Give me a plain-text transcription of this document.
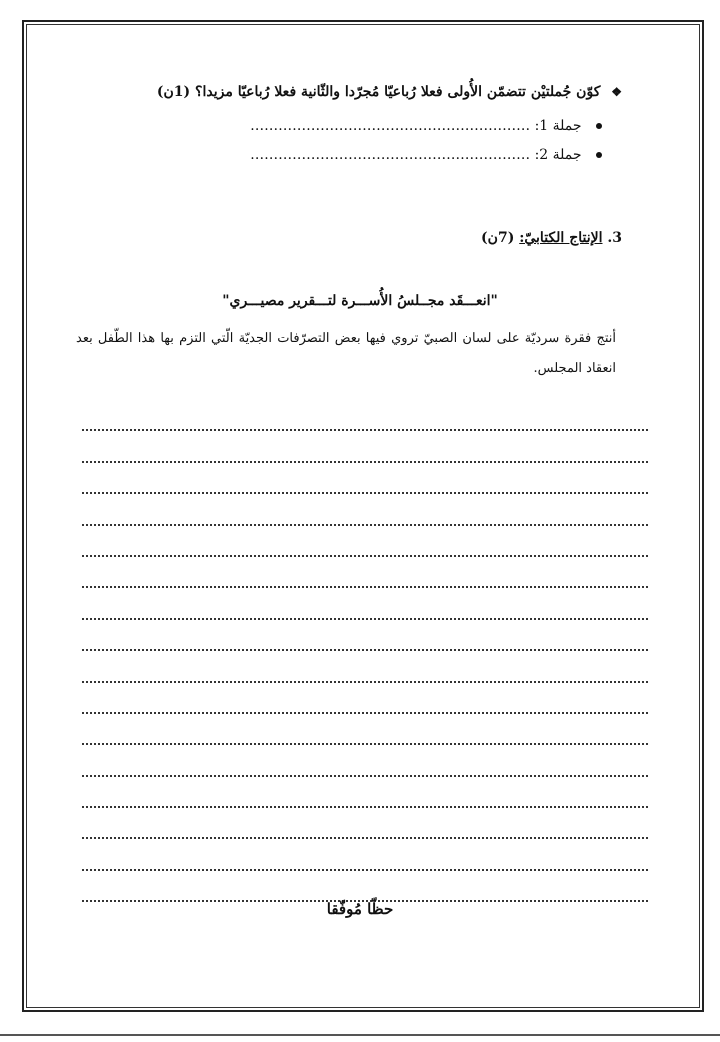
❖ كوّن جُملتيْن تتضمّن الأُولى فعلا رُباعيّا مُجرّدا والثّانية فعلا رُباعيّا مزيدا؟ (1ن)
جملة 1: ……………………………………………………
جملة 2: ……………………………………………………
3. الإنتاج الكتابيّ: (7ن)
"انعـــقَد مجــلسُ الأُســـرة لتـــقرير مصيـــري"
أنتج فقرة سرديّة على لسان الصبيّ تروي فيها بعض التصرّفات الجديّة الّتي التزم بها هذا الطّفل بعد انعقاد المجلس.
حظّا مُوفّقا
